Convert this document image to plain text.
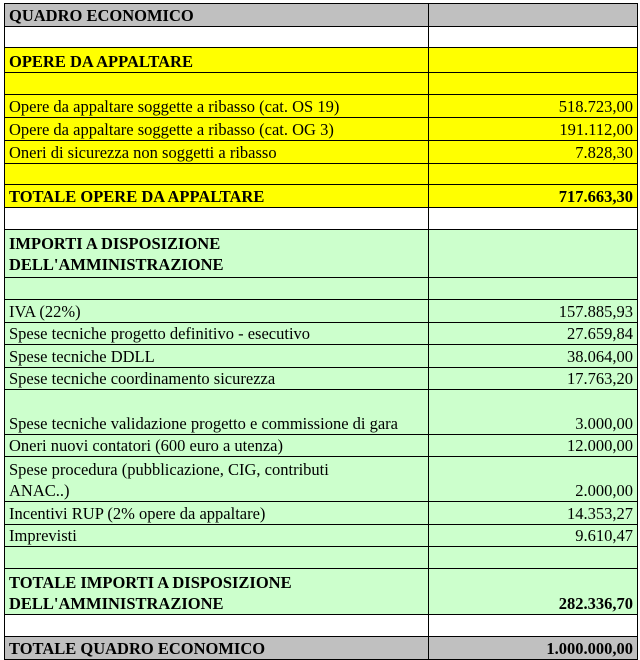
QUADRO ECONOMICO	

OPERE DA APPALTARE	

Opere da appaltare soggette a ribasso (cat. OS 19)	518.723,00
Opere da appaltare soggette a ribasso (cat. OG 3)	191.112,00
Oneri di sicurezza non soggetti a ribasso	7.828,30

TOTALE OPERE DA APPALTARE	717.663,30

IMPORTI A DISPOSIZIONE DELL'AMMINISTRAZIONE	

IVA (22%)	157.885,93
Spese tecniche progetto definitivo - esecutivo	27.659,84
Spese tecniche DDLL	38.064,00
Spese tecniche coordinamento sicurezza	17.763,20
Spese tecniche validazione progetto e commissione di gara	3.000,00
Oneri nuovi contatori (600 euro a utenza)	12.000,00
Spese procedura (pubblicazione, CIG, contributi ANAC..)	2.000,00
Incentivi RUP (2% opere da appaltare)	14.353,27
Imprevisti	9.610,47

TOTALE IMPORTI A DISPOSIZIONE DELL'AMMINISTRAZIONE	282.336,70

TOTALE QUADRO ECONOMICO	1.000.000,00
